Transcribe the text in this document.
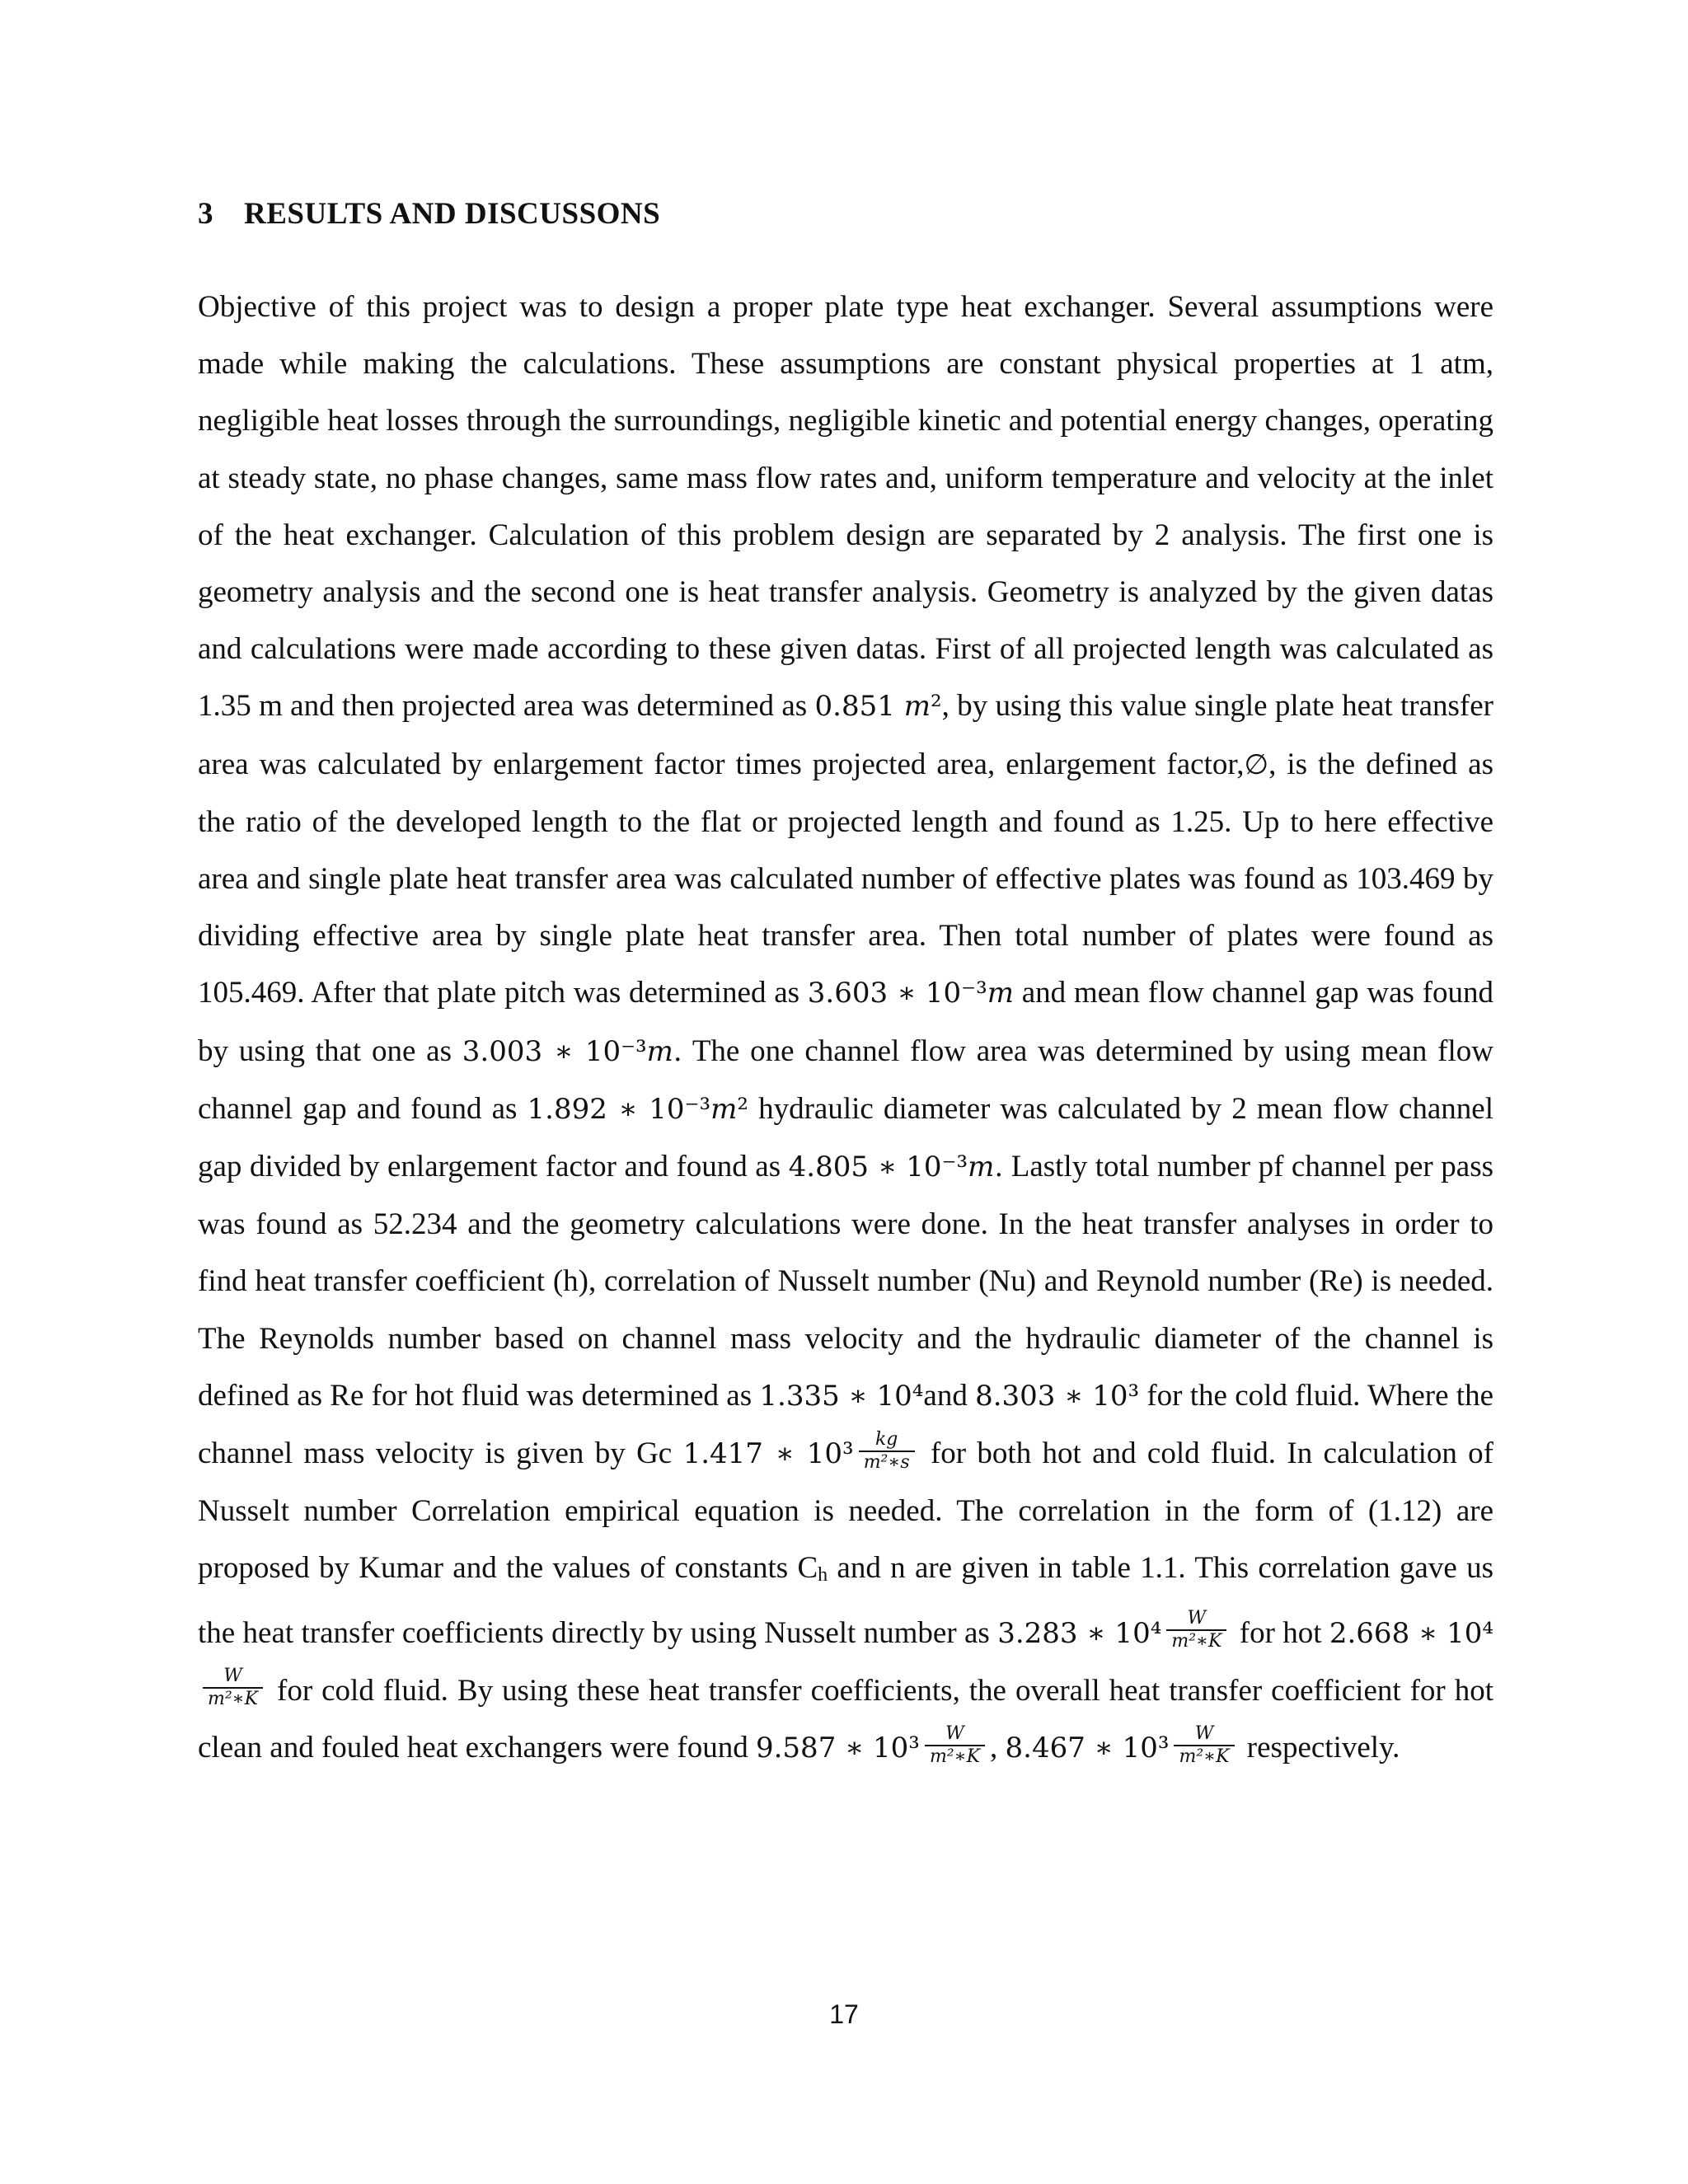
3 RESULTS AND DISCUSSONS

Objective of this project was to design a proper plate type heat exchanger. Several assumptions were made while making the calculations. These assumptions are constant physical properties at 1 atm, negligible heat losses through the surroundings, negligible kinetic and potential energy changes, operating at steady state, no phase changes, same mass flow rates and, uniform temperature and velocity at the inlet of the heat exchanger. Calculation of this problem design are separated by 2 analysis. The first one is geometry analysis and the second one is heat transfer analysis. Geometry is analyzed by the given datas and calculations were made according to these given datas. First of all projected length was calculated as 1.35 m and then projected area was determined as 0.851 𝑚², by using this value single plate heat transfer area was calculated by enlargement factor times projected area, enlargement factor,∅, is the defined as the ratio of the developed length to the flat or projected length and found as 1.25. Up to here effective area and single plate heat transfer area was calculated number of effective plates was found as 103.469 by dividing effective area by single plate heat transfer area. Then total number of plates were found as 105.469. After that plate pitch was determined as 3.603 ∗ 10⁻³𝑚 and mean flow channel gap was found by using that one as 3.003 ∗ 10⁻³𝑚. The one channel flow area was determined by using mean flow channel gap and found as 1.892 ∗ 10⁻³𝑚² hydraulic diameter was calculated by 2 mean flow channel gap divided by enlargement factor and found as 4.805 ∗ 10⁻³𝑚. Lastly total number pf channel per pass was found as 52.234 and the geometry calculations were done. In the heat transfer analyses in order to find heat transfer coefficient (h), correlation of Nusselt number (Nu) and Reynold number (Re) is needed. The Reynolds number based on channel mass velocity and the hydraulic diameter of the channel is defined as Re for hot fluid was determined as 1.335 ∗ 10⁴and 8.303 ∗ 10³ for the cold fluid. Where the channel mass velocity is given by Gc 1.417 ∗ $10^3 \frac{\text{𝑘𝑔}}{\text{𝑚²∗𝑠}}$ for both hot and cold fluid. In calculation of Nusselt number Correlation empirical equation is needed. The correlation in the form of (1.12) are proposed by Kumar and the values of constants $C_h$ and n are given in table 1.1. This correlation gave us the heat transfer coefficients directly by using Nusselt number as 3.283 ∗ $10^4 \frac{\text{𝑊}}{\text{𝑚²∗𝐾}}$ for hot 2.668 ∗ 10⁴
$\frac{\text{𝑊}}{\text{𝑚²∗𝐾}}$ for cold fluid. By using these heat transfer coefficients, the overall heat transfer coefficient for hot clean and fouled heat exchangers were found 9.587 ∗ $10^3 \frac{\text{𝑊}}{\text{𝑚²∗𝐾}}$ , 8.467 ∗ $10^3 \frac{\text{𝑊}}{\text{𝑚²∗𝐾}}$ respectively.

17
